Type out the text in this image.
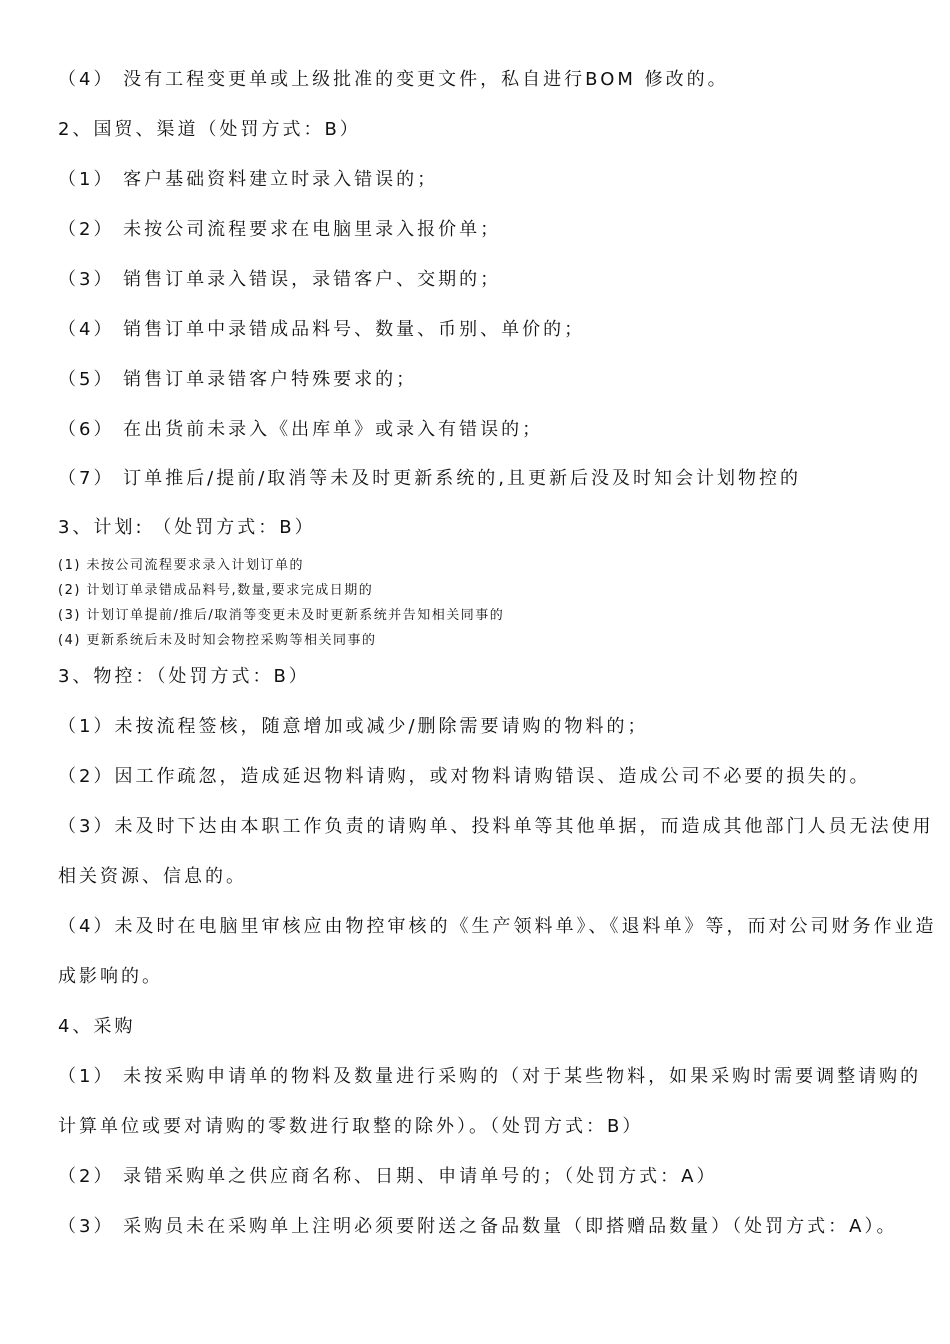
（4） 没有工程变更单或上级批准的变更文件，私自进行BOM 修改的。
2、国贸、渠道（处罚方式：B）
（1） 客户基础资料建立时录入错误的；
（2） 未按公司流程要求在电脑里录入报价单；
（3） 销售订单录入错误，录错客户、交期的；
（4） 销售订单中录错成品料号、数量、币别、单价的；
（5） 销售订单录错客户特殊要求的；
（6） 在出货前未录入《出库单》或录入有错误的；
（7） 订单推后/提前/取消等未及时更新系统的,且更新后没及时知会计划物控的
3、计划: （处罚方式：B）
(1) 未按公司流程要求录入计划订单的
(2) 计划订单录错成品料号,数量,要求完成日期的
(3) 计划订单提前/推后/取消等变更未及时更新系统并告知相关同事的
(4) 更新系统后未及时知会物控采购等相关同事的
3、物控：（处罚方式：B）
（1）未按流程签核，随意增加或减少/删除需要请购的物料的；
（2）因工作疏忽，造成延迟物料请购，或对物料请购错误、造成公司不必要的损失的。
（3）未及时下达由本职工作负责的请购单、投料单等其他单据，而造成其他部门人员无法使用
相关资源、信息的。
（4）未及时在电脑里审核应由物控审核的《生产领料单》、《退料单》等，而对公司财务作业造
成影响的。
4、采购
（1） 未按采购申请单的物料及数量进行采购的（对于某些物料，如果采购时需要调整请购的
计算单位或要对请购的零数进行取整的除外）。（处罚方式：B）
（2） 录错采购单之供应商名称、日期、申请单号的；（处罚方式：A）
（3） 采购员未在采购单上注明必须要附送之备品数量（即搭赠品数量）（处罚方式：A）。
